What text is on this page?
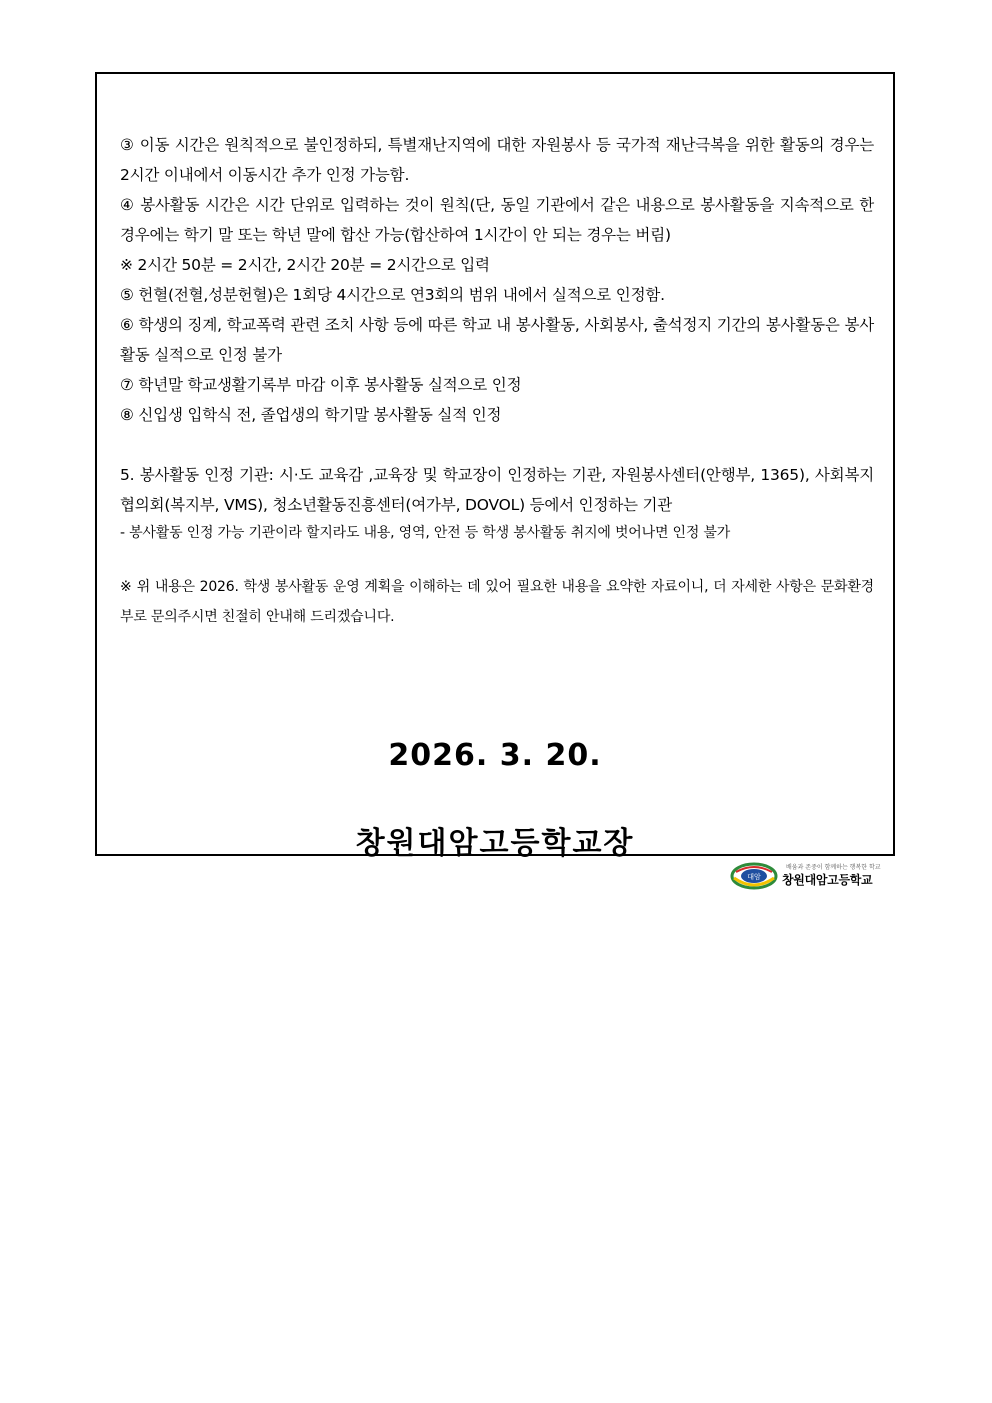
③ 이동 시간은 원칙적으로 불인정하되, 특별재난지역에 대한 자원봉사 등 국가적 재난극복을 위한 활동의 경우는 2시간 이내에서 이동시간 추가 인정 가능함.
④ 봉사활동 시간은 시간 단위로 입력하는 것이 원칙(단, 동일 기관에서 같은 내용으로 봉사활동을 지속적으로 한 경우에는 학기 말 또는 학년 말에 합산 가능(합산하여 1시간이 안 되는 경우는 버림)
※ 2시간 50분 = 2시간, 2시간 20분 = 2시간으로 입력
⑤ 헌혈(전혈,성분헌혈)은 1회당 4시간으로 연3회의 범위 내에서 실적으로 인정함.
⑥ 학생의 징계, 학교폭력 관련 조치 사항 등에 따른 학교 내 봉사활동, 사회봉사, 출석정지 기간의 봉사활동은 봉사활동 실적으로 인정 불가
⑦ 학년말 학교생활기록부 마감 이후 봉사활동 실적으로 인정
⑧ 신입생 입학식 전, 졸업생의 학기말 봉사활동 실적 인정
5. 봉사활동 인정 기관: 시·도 교육감 ,교육장 및 학교장이 인정하는 기관, 자원봉사센터(안행부, 1365), 사회복지협의회(복지부, VMS), 청소년활동진흥센터(여가부, DOVOL) 등에서 인정하는 기관
- 봉사활동 인정 가능 기관이라 할지라도 내용, 영역, 안전 등 학생 봉사활동 취지에 벗어나면 인정 불가
※ 위 내용은 2026. 학생 봉사활동 운영 계획을 이해하는 데 있어 필요한 내용을 요약한 자료이니, 더 자세한 사항은 문화환경부로 문의주시면 친절히 안내해 드리겠습니다.
2026. 3. 20.
창원대암고등학교장
대암
배움과 존중이 함께하는 행복한 학교
창원대암고등학교
